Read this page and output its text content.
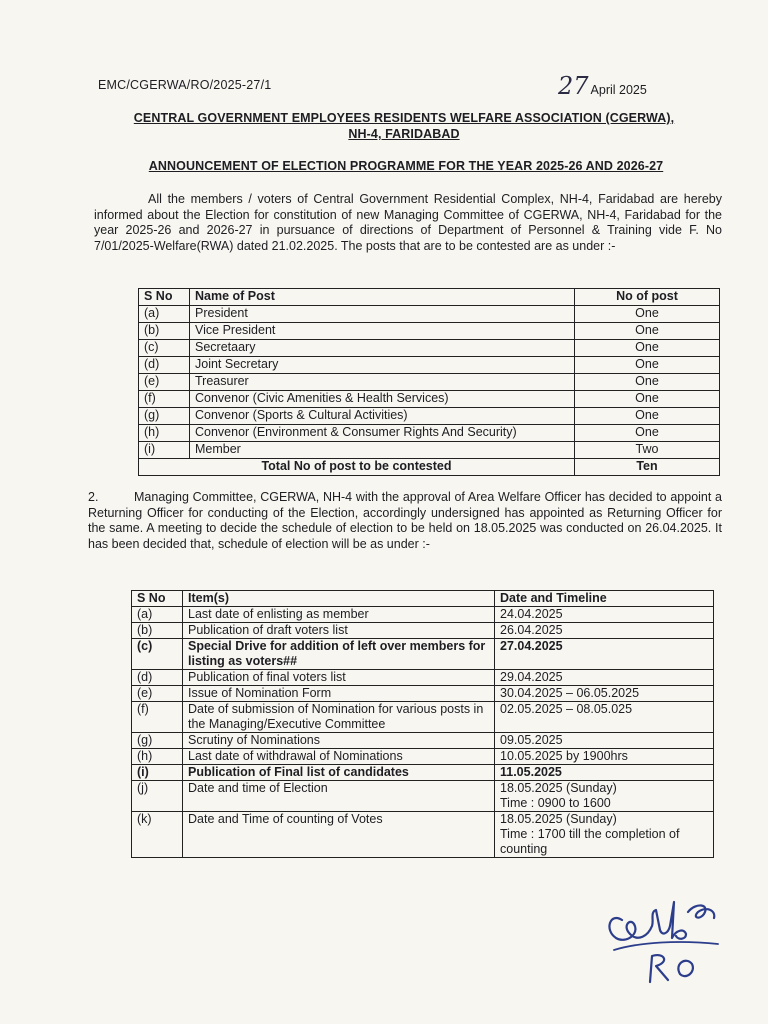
EMC/CGERWA/RO/2025-27/1	27 April 2025
CENTRAL GOVERNMENT EMPLOYEES RESIDENTS WELFARE ASSOCIATION (CGERWA),
NH-4, FARIDABAD
ANNOUNCEMENT OF ELECTION PROGRAMME FOR THE YEAR 2025-26 AND 2026-27
All the members / voters of Central Government Residential Complex, NH-4, Faridabad are hereby informed about the Election for constitution of new Managing Committee of CGERWA, NH-4, Faridabad for the year 2025-26 and 2026-27 in pursuance of directions of Department of Personnel & Training vide F. No 7/01/2025-Welfare(RWA) dated 21.02.2025. The posts that are to be contested are as under :-
S No	Name of Post	No of post
(a)	President	One
(b)	Vice President	One
(c)	Secretaary	One
(d)	Joint Secretary	One
(e)	Treasurer	One
(f)	Convenor (Civic Amenities & Health Services)	One
(g)	Convenor (Sports & Cultural Activities)	One
(h)	Convenor (Environment & Consumer Rights And Security)	One
(i)	Member	Two
Total No of post to be contested		Ten
2.	Managing Committee, CGERWA, NH-4 with the approval of Area Welfare Officer has decided to appoint a Returning Officer for conducting of the Election, accordingly undersigned has appointed as Returning Officer for the same. A meeting to decide the schedule of election to be held on 18.05.2025 was conducted on 26.04.2025. It has been decided that, schedule of election will be as under :-
S No	Item(s)	Date and Timeline
(a)	Last date of enlisting as member	24.04.2025

(b)	Publication of draft voters list	26.04.2025

(c)	Special Drive for addition of left over members for listing as voters##	27.04.2025

(d)	Publication of final voters list	29.04.2025

(e)	Issue of Nomination Form	30.04.2025 – 06.05.2025

(f)	Date of submission of Nomination for various posts in the Managing/Executive Committee	02.05.2025 – 08.05.025

(g)	Scrutiny of Nominations	09.05.2025

(h)	Last date of withdrawal of Nominations	10.05.2025 by 1900hrs

(i)	Publication of Final list of candidates	11.05.2025

(j)	Date and time of Election	18.05.2025 (Sunday)
Time : 0900 to 1600

(k)	Date and Time of counting of Votes	18.05.2025 (Sunday)
Time : 1700 till the completion of counting
